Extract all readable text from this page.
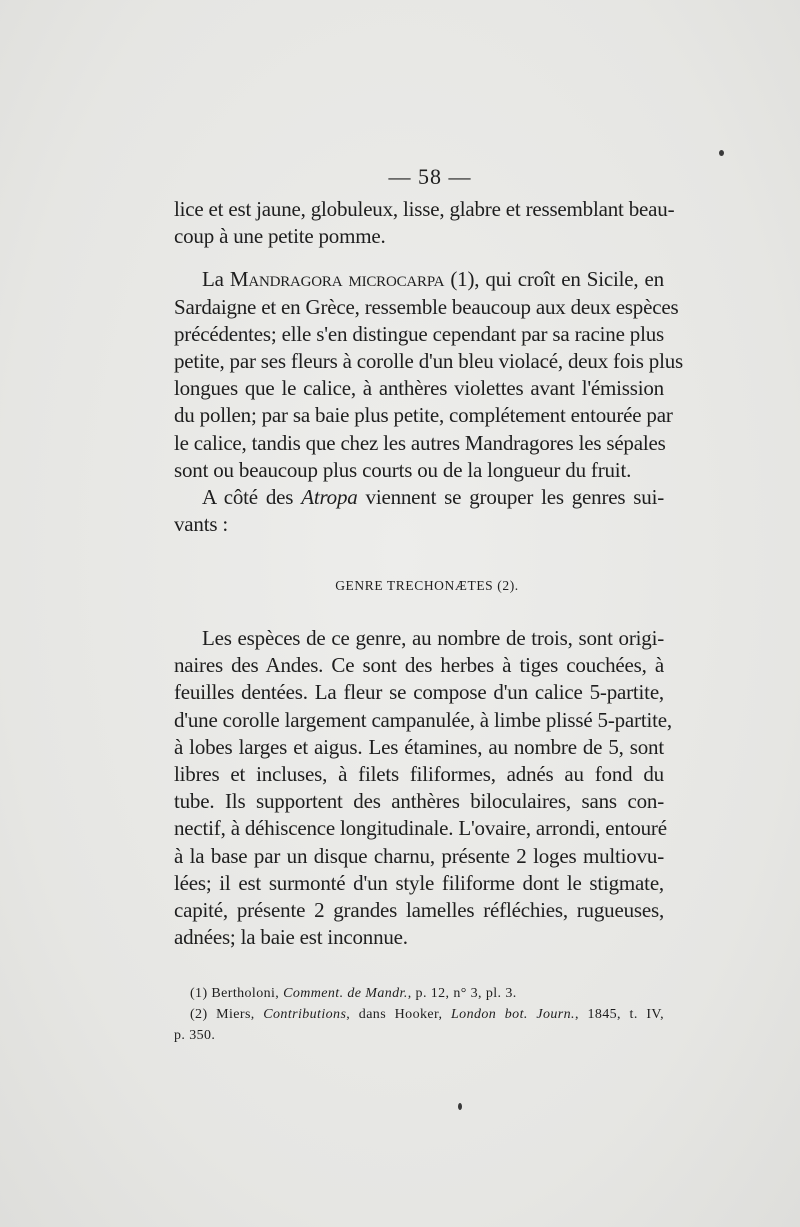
— 58 —
lice et est jaune, globuleux, lisse, glabre et ressemblant beau-
coup à une petite pomme.
La Mandragora microcarpa (1), qui croît en Sicile, en
Sardaigne et en Grèce, ressemble beaucoup aux deux espèces
précédentes; elle s'en distingue cependant par sa racine plus
petite, par ses fleurs à corolle d'un bleu violacé, deux fois plus
longues que le calice, à anthères violettes avant l'émission
du pollen; par sa baie plus petite, complétement entourée par
le calice, tandis que chez les autres Mandragores les sépales
sont ou beaucoup plus courts ou de la longueur du fruit.
A côté des Atropa viennent se grouper les genres sui-
vants :
GENRE TRECHONÆTES (2).
Les espèces de ce genre, au nombre de trois, sont origi-
naires des Andes. Ce sont des herbes à tiges couchées, à
feuilles dentées. La fleur se compose d'un calice 5-partite,
d'une corolle largement campanulée, à limbe plissé 5-partite,
à lobes larges et aigus. Les étamines, au nombre de 5, sont
libres et incluses, à filets filiformes, adnés au fond du
tube. Ils supportent des anthères biloculaires, sans con-
nectif, à déhiscence longitudinale. L'ovaire, arrondi, entouré
à la base par un disque charnu, présente 2 loges multiovu-
lées; il est surmonté d'un style filiforme dont le stigmate,
capité, présente 2 grandes lamelles réfléchies, rugueuses,
adnées; la baie est inconnue.
(1) Bertholoni, Comment. de Mandr., p. 12, n° 3, pl. 3.
(2) Miers, Contributions, dans Hooker, London bot. Journ., 1845, t. IV,
p. 350.
